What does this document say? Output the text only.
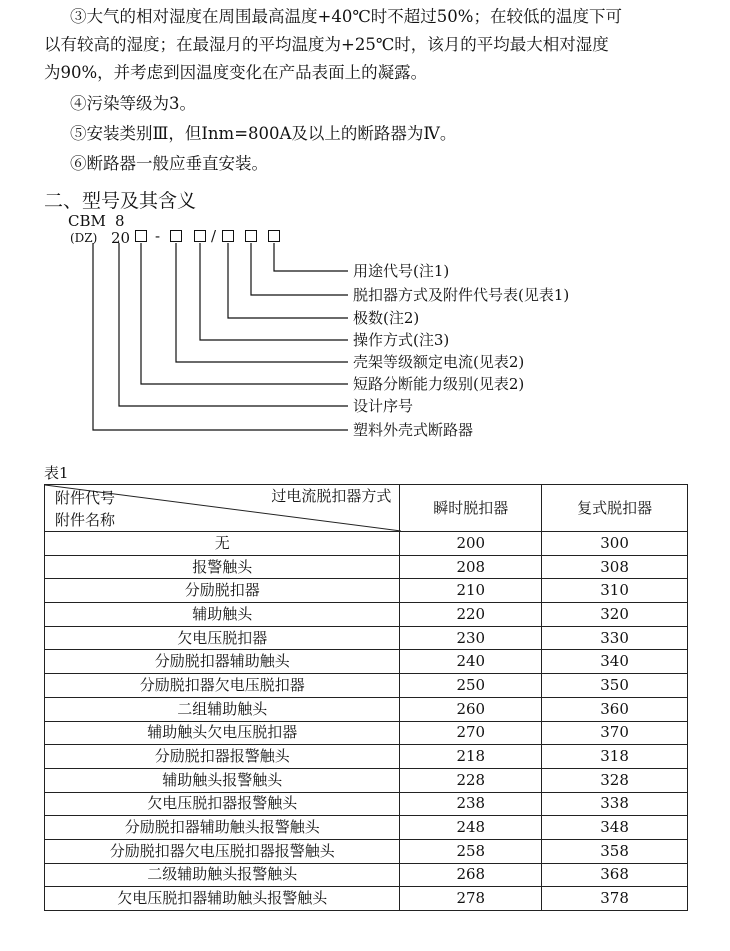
③大气的相对湿度在周围最高温度+40℃时不超过50%；在较低的温度下可
以有较高的湿度；在最湿月的平均温度为+25℃时，该月的平均最大相对湿度
为90%，并考虑到因温度变化在产品表面上的凝露。
④污染等级为3。
⑤安装类别Ⅲ，但Inm=800A及以上的断路器为Ⅳ。
⑥断路器一般应垂直安装。
二、型号及其含义
CBM
(DZ)
8
20 -	/
用途代号(注1)
脱扣器方式及附件代号表(见表1)
极数(注2)
操作方式(注3)
壳架等级额定电流(见表2)
短路分断能力级别(见表2)
设计序号
塑料外壳式断路器
表1
附件代号
附件名称
过电流脱扣器方式	瞬时脱扣器	复式脱扣器
无	200	300
报警触头	208	308
分励脱扣器	210	310
辅助触头	220	320
欠电压脱扣器	230	330
分励脱扣器辅助触头	240	340
分励脱扣器欠电压脱扣器	250	350
二组辅助触头	260	360
辅助触头欠电压脱扣器	270	370
分励脱扣器报警触头	218	318
辅助触头报警触头	228	328
欠电压脱扣器报警触头	238	338
分励脱扣器辅助触头报警触头	248	348
分励脱扣器欠电压脱扣器报警触头	258	358
二级辅助触头报警触头	268	368
欠电压脱扣器辅助触头报警触头	278	378
